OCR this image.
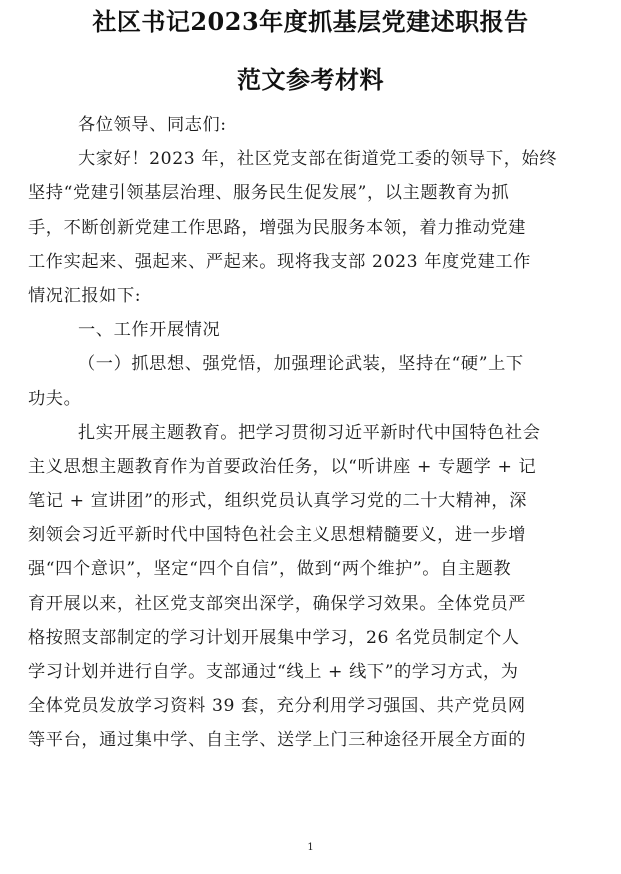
社区书记2023年度抓基层党建述职报告
范文参考材料
各位领导、同志们:
大家好！2023 年，社区党支部在街道党工委的领导下，始终
坚持“党建引领基层治理、服务民生促发展”，以主题教育为抓
手，不断创新党建工作思路，增强为民服务本领，着力推动党建
工作实起来、强起来、严起来。现将我支部 2023 年度党建工作
情况汇报如下:
一、工作开展情况
（一）抓思想、强党悟，加强理论武装，坚持在“硬”上下
功夫。
扎实开展主题教育。把学习贯彻习近平新时代中国特色社会
主义思想主题教育作为首要政治任务，以“听讲座 + 专题学 + 记
笔记 + 宣讲团”的形式，组织党员认真学习党的二十大精神，深
刻领会习近平新时代中国特色社会主义思想精髓要义，进一步增
强“四个意识”，坚定“四个自信”，做到“两个维护”。自主题教
育开展以来，社区党支部突出深学，确保学习效果。全体党员严
格按照支部制定的学习计划开展集中学习，26 名党员制定个人
学习计划并进行自学。支部通过“线上 + 线下”的学习方式，为
全体党员发放学习资料 39 套，充分利用学习强国、共产党员网
等平台，通过集中学、自主学、送学上门三种途径开展全方面的
1
